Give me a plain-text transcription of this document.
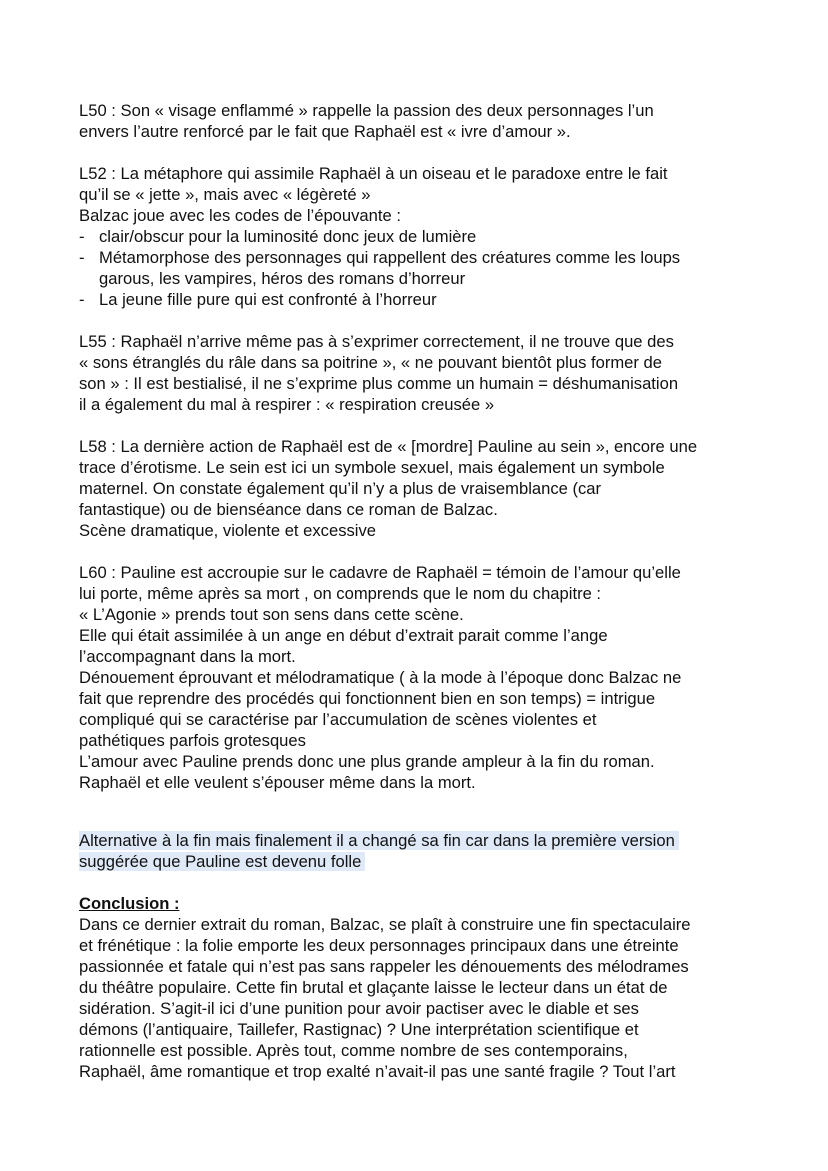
L50 : Son « visage enflammé » rappelle la passion des deux personnages l’un
envers l’autre renforcé par le fait que Raphaël est « ivre d’amour ».
L52 : La métaphore qui assimile Raphaël à un oiseau et le paradoxe entre le fait
qu’il se « jette », mais avec « légèreté »
Balzac joue avec les codes de l’épouvante :
- clair/obscur pour la luminosité donc jeux de lumière
- Métamorphose des personnages qui rappellent des créatures comme les loups
garous, les vampires, héros des romans d’horreur
- La jeune fille pure qui est confronté à l’horreur
L55 : Raphaël n’arrive même pas à s’exprimer correctement, il ne trouve que des
« sons étranglés du râle dans sa poitrine », « ne pouvant bientôt plus former de
son » : Il est bestialisé, il ne s’exprime plus comme un humain = déshumanisation
il a également du mal à respirer : « respiration creusée »
L58 : La dernière action de Raphaël est de « [mordre] Pauline au sein », encore une
trace d’érotisme. Le sein est ici un symbole sexuel, mais également un symbole
maternel. On constate également qu’il n’y a plus de vraisemblance (car
fantastique) ou de bienséance dans ce roman de Balzac.
Scène dramatique, violente et excessive
L60 : Pauline est accroupie sur le cadavre de Raphaël = témoin de l’amour qu’elle
lui porte, même après sa mort , on comprends que le nom du chapitre :
« L’Agonie » prends tout son sens dans cette scène.
Elle qui était assimilée à un ange en début d’extrait parait comme l’ange
l’accompagnant dans la mort.
Dénouement éprouvant et mélodramatique ( à la mode à l’époque donc Balzac ne
fait que reprendre des procédés qui fonctionnent bien en son temps) = intrigue
compliqué qui se caractérise par l’accumulation de scènes violentes et
pathétiques parfois grotesques
L’amour avec Pauline prends donc une plus grande ampleur à la fin du roman.
Raphaël et elle veulent s’épouser même dans la mort.
Alternative à la fin mais finalement il a changé sa fin car dans la première version
suggérée que Pauline est devenu folle
Conclusion :
Dans ce dernier extrait du roman, Balzac, se plaît à construire une fin spectaculaire
et frénétique : la folie emporte les deux personnages principaux dans une étreinte
passionnée et fatale qui n’est pas sans rappeler les dénouements des mélodrames
du théâtre populaire. Cette fin brutal et glaçante laisse le lecteur dans un état de
sidération. S’agit-il ici d’une punition pour avoir pactiser avec le diable et ses
démons (l’antiquaire, Taillefer, Rastignac) ? Une interprétation scientifique et
rationnelle est possible. Après tout, comme nombre de ses contemporains,
Raphaël, âme romantique et trop exalté n’avait-il pas une santé fragile ? Tout l’art
